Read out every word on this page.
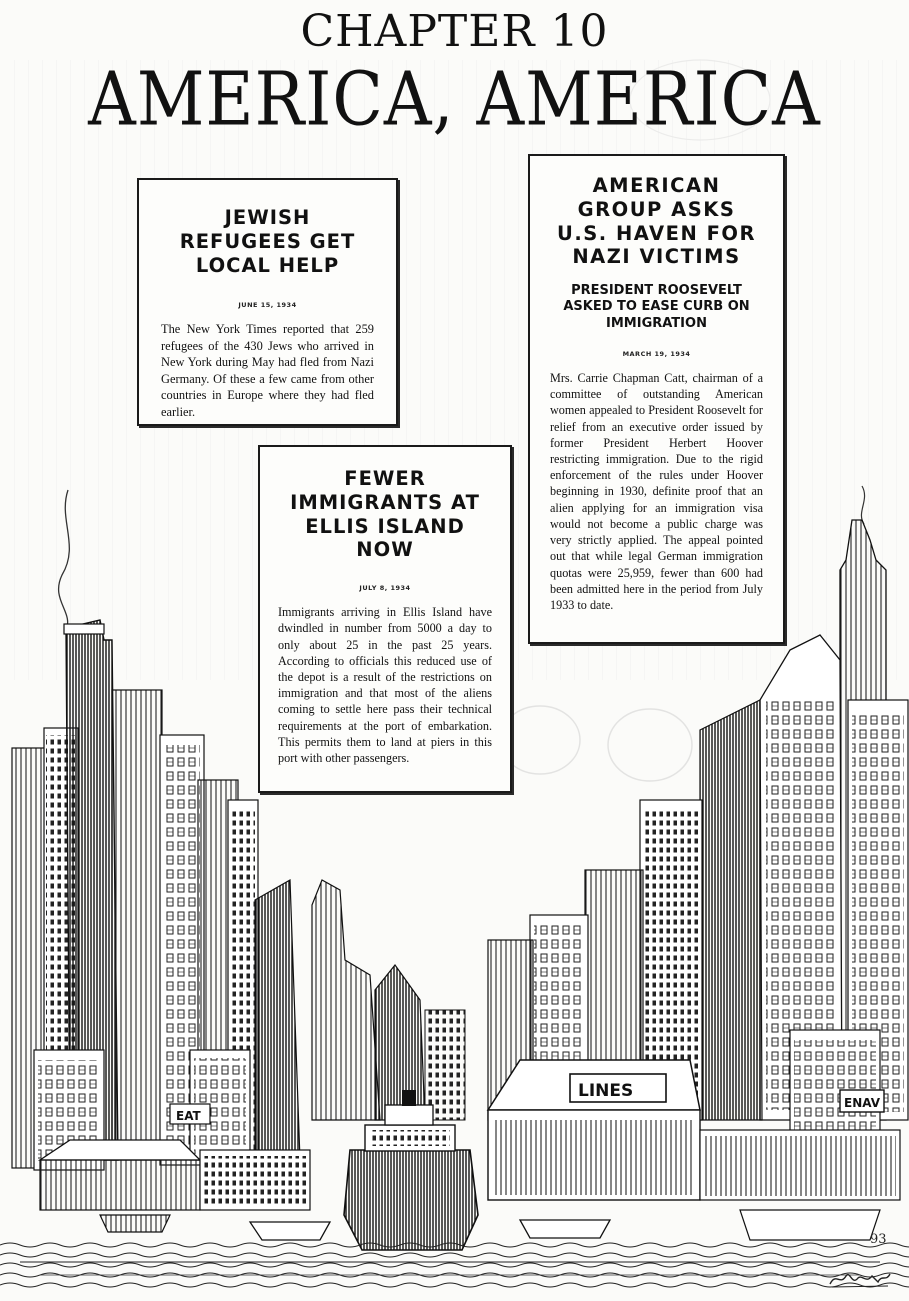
LINES
ENAV
EAT
CHAPTER 10
AMERICA, AMERICA
JEWISH REFUGEES GET LOCAL HELP
JUNE 15, 1934
The New York Times reported that 259 refugees of the 430 Jews who arrived in New York during May had fled from Nazi Germany. Of these a few came from other countries in Europe where they had fled earlier.
AMERICAN GROUP ASKS U.S. HAVEN FOR NAZI VICTIMS
PRESIDENT ROOSEVELT ASKED TO EASE CURB ON IMMIGRATION
MARCH 19, 1934
Mrs. Carrie Chapman Catt, chairman of a committee of outstanding American women appealed to President Roosevelt for relief from an executive order issued by former President Herbert Hoover restricting immigration. Due to the rigid enforcement of the rules under Hoover beginning in 1930, definite proof that an alien applying for an immigration visa would not become a public charge was very strictly applied. The appeal pointed out that while legal German immigration quotas were 25,959, fewer than 600 had been admitted here in the period from July 1933 to date.
FEWER IMMIGRANTS AT ELLIS ISLAND NOW
JULY 8, 1934
Immigrants arriving in Ellis Island have dwindled in number from 5000 a day to only about 25 in the past 25 years. According to officials this reduced use of the depot is a result of the restrictions on immigration and that most of the aliens coming to settle here pass their technical requirements at the port of embarkation. This permits them to land at piers in this port with other passengers.
93
